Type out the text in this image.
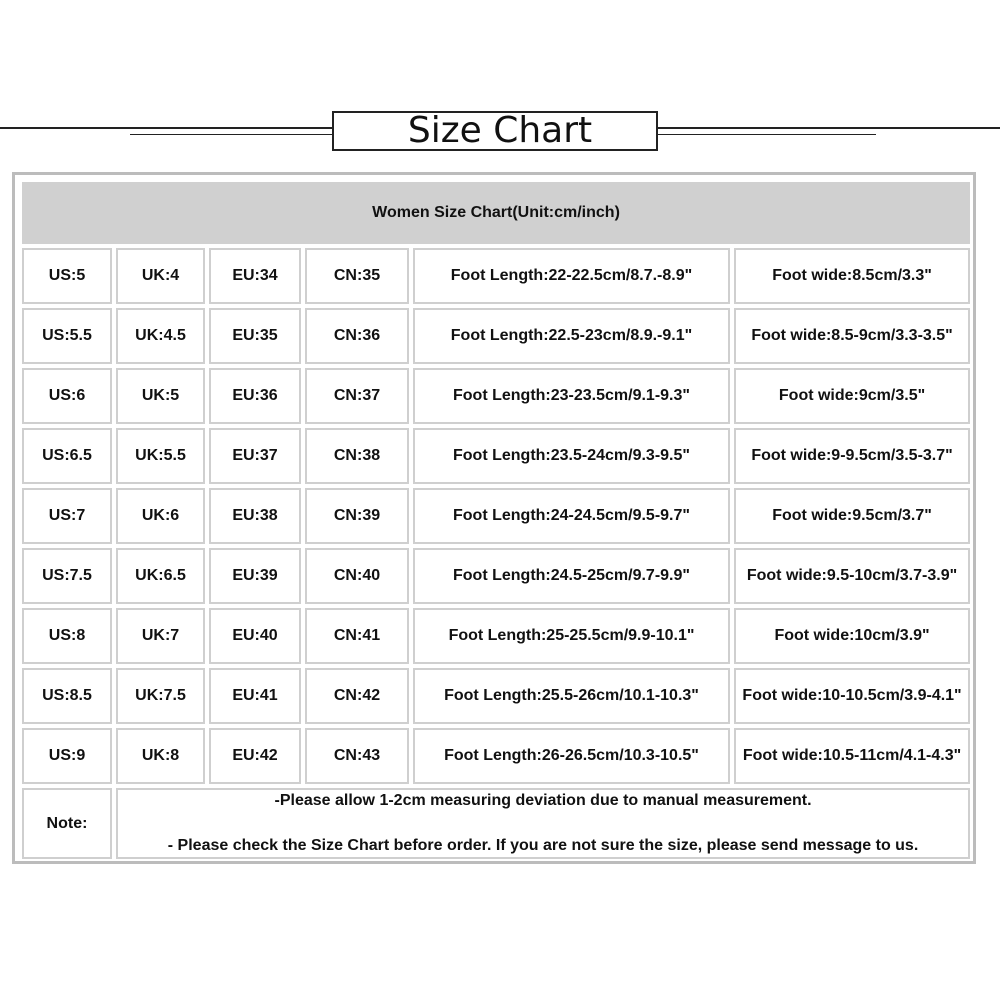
Size Chart
Women Size Chart(Unit:cm/inch)					
US:5	UK:4	EU:34	CN:35	Foot Length:22-22.5cm/8.7.-8.9"	Foot wide:8.5cm/3.3"
US:5.5	UK:4.5	EU:35	CN:36	Foot Length:22.5-23cm/8.9.-9.1"	Foot wide:8.5-9cm/3.3-3.5"
US:6	UK:5	EU:36	CN:37	Foot Length:23-23.5cm/9.1-9.3"	Foot wide:9cm/3.5"
US:6.5	UK:5.5	EU:37	CN:38	Foot Length:23.5-24cm/9.3-9.5"	Foot wide:9-9.5cm/3.5-3.7"
US:7	UK:6	EU:38	CN:39	Foot Length:24-24.5cm/9.5-9.7"	Foot wide:9.5cm/3.7"
US:7.5	UK:6.5	EU:39	CN:40	Foot Length:24.5-25cm/9.7-9.9"	Foot wide:9.5-10cm/3.7-3.9"
US:8	UK:7	EU:40	CN:41	Foot Length:25-25.5cm/9.9-10.1"	Foot wide:10cm/3.9"
US:8.5	UK:7.5	EU:41	CN:42	Foot Length:25.5-26cm/10.1-10.3"	Foot wide:10-10.5cm/3.9-4.1"
US:9	UK:8	EU:42	CN:43	Foot Length:26-26.5cm/10.3-10.5"	Foot wide:10.5-11cm/4.1-4.3"
Note:	-Please allow 1-2cm measuring deviation due to manual measurement.
- Please check the Size Chart before order. If you are not sure the size, please send message to us.				
